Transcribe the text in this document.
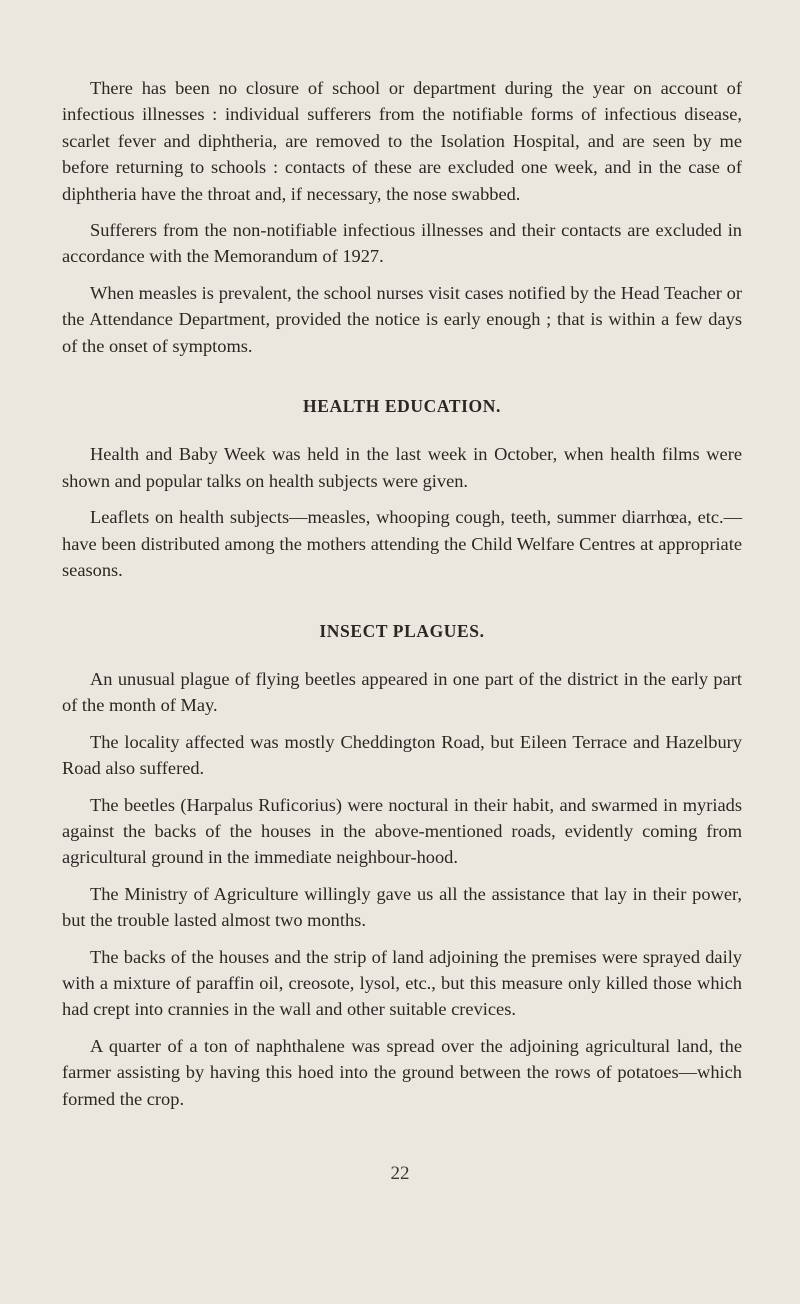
There has been no closure of school or department during the year on account of infectious illnesses : individual sufferers from the notifiable forms of infectious disease, scarlet fever and diphtheria, are removed to the Isolation Hospital, and are seen by me before returning to schools : contacts of these are excluded one week, and in the case of diphtheria have the throat and, if necessary, the nose swabbed.

Sufferers from the non-notifiable infectious illnesses and their contacts are excluded in accordance with the Memorandum of 1927.

When measles is prevalent, the school nurses visit cases notified by the Head Teacher or the Attendance Department, provided the notice is early enough ; that is within a few days of the onset of symptoms.

HEALTH EDUCATION.

Health and Baby Week was held in the last week in October, when health films were shown and popular talks on health subjects were given.

Leaflets on health subjects—measles, whooping cough, teeth, summer diarrhœa, etc.—have been distributed among the mothers attending the Child Welfare Centres at appropriate seasons.

INSECT PLAGUES.

An unusual plague of flying beetles appeared in one part of the district in the early part of the month of May.

The locality affected was mostly Cheddington Road, but Eileen Terrace and Hazelbury Road also suffered.

The beetles (Harpalus Ruficorius) were noctural in their habit, and swarmed in myriads against the backs of the houses in the above-mentioned roads, evidently coming from agricultural ground in the immediate neighbour-hood.

The Ministry of Agriculture willingly gave us all the assistance that lay in their power, but the trouble lasted almost two months.

The backs of the houses and the strip of land adjoining the premises were sprayed daily with a mixture of paraffin oil, creosote, lysol, etc., but this measure only killed those which had crept into crannies in the wall and other suitable crevices.

A quarter of a ton of naphthalene was spread over the adjoining agricultural land, the farmer assisting by having this hoed into the ground between the rows of potatoes—which formed the crop.

22
